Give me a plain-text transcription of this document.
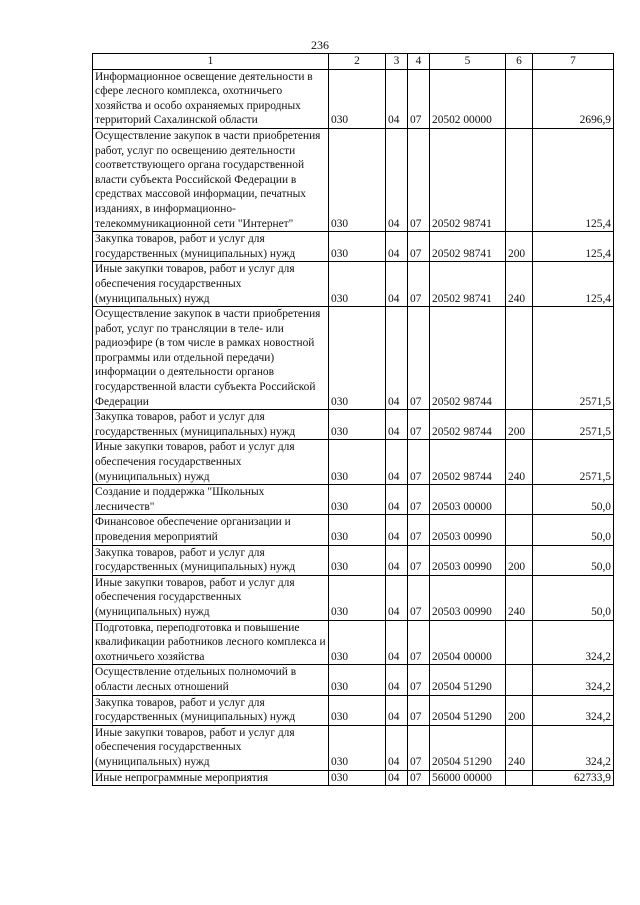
236
1	2	3	4	5	6	7
Информационное освещение деятельности в сфере лесного комплекса, охотничьего хозяйства и особо охраняемых природных территорий Сахалинской области	030	04	07	20502 00000		2696,9
Осуществление закупок в части приобретения работ, услуг по освещению деятельности соответствующего органа государственной власти субъекта Российской Федерации в средствах массовой информации, печатных изданиях, в информационно-телекоммуникационной сети "Интернет"	030	04	07	20502 98741		125,4
Закупка товаров, работ и услуг для государственных (муниципальных) нужд	030	04	07	20502 98741	200	125,4
Иные закупки товаров, работ и услуг для обеспечения государственных (муниципальных) нужд	030	04	07	20502 98741	240	125,4
Осуществление закупок в части приобретения работ, услуг по трансляции в теле- или радиоэфире (в том числе в рамках новостной программы или отдельной передачи) информации о деятельности органов государственной власти субъекта Российской Федерации	030	04	07	20502 98744		2571,5
Закупка товаров, работ и услуг для государственных (муниципальных) нужд	030	04	07	20502 98744	200	2571,5
Иные закупки товаров, работ и услуг для обеспечения государственных (муниципальных) нужд	030	04	07	20502 98744	240	2571,5
Создание и поддержка "Школьных лесничеств"	030	04	07	20503 00000		50,0
Финансовое обеспечение организации и проведения мероприятий	030	04	07	20503 00990		50,0
Закупка товаров, работ и услуг для государственных (муниципальных) нужд	030	04	07	20503 00990	200	50,0
Иные закупки товаров, работ и услуг для обеспечения государственных (муниципальных) нужд	030	04	07	20503 00990	240	50,0
Подготовка, переподготовка и повышение квалификации работников лесного комплекса и охотничьего хозяйства	030	04	07	20504 00000		324,2
Осуществление отдельных полномочий в области лесных отношений	030	04	07	20504 51290		324,2
Закупка товаров, работ и услуг для государственных (муниципальных) нужд	030	04	07	20504 51290	200	324,2
Иные закупки товаров, работ и услуг для обеспечения государственных (муниципальных) нужд	030	04	07	20504 51290	240	324,2
Иные непрограммные мероприятия	030	04	07	56000 00000		62733,9
